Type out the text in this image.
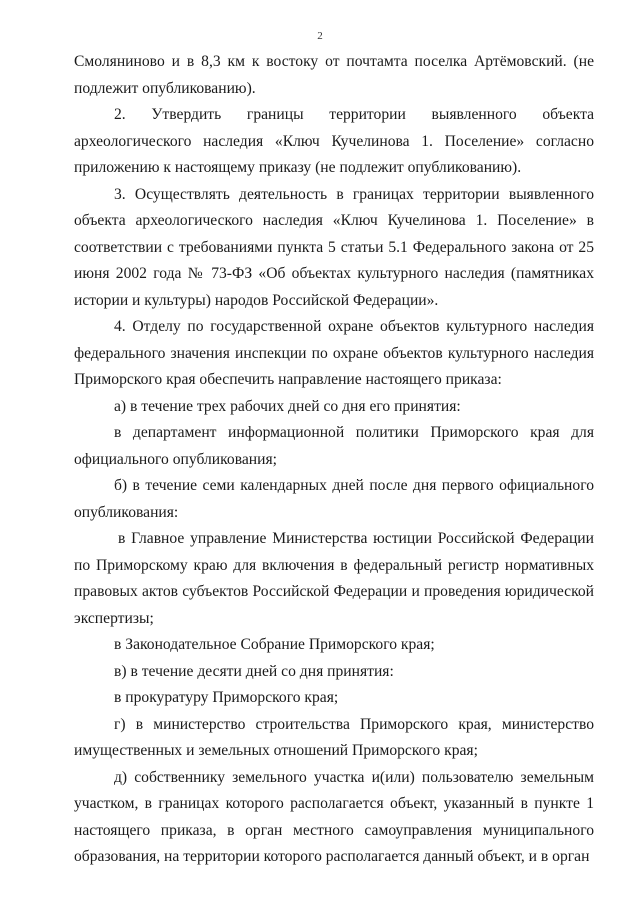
2

Смолянинoвo и в 8,3 км к востоку от почтамта поселка Артёмовский. (не подлежит опубликованию).

2. Утвердить границы территории выявленного объекта археологического наследия «Ключ Кучелинова 1. Поселение» согласно приложению к настоящему приказу (не подлежит опубликованию).

3. Осуществлять деятельность в границах территории выявленного объекта археологического наследия «Ключ Кучелинова 1. Поселение» в соответствии с требованиями пункта 5 статьи 5.1 Федерального закона от 25 июня 2002 года № 73-ФЗ «Об объектах культурного наследия (памятниках истории и культуры) народов Российской Федерации».

4. Отделу по государственной охране объектов культурного наследия федерального значения инспекции по охране объектов культурного наследия Приморского края обеспечить направление настоящего приказа:

а) в течение трех рабочих дней со дня его принятия:

в департамент информационной политики Приморского края для официального опубликования;

б) в течение семи календарных дней после дня первого официального опубликования:

в Главное управление Министерства юстиции Российской Федерации по Приморскому краю для включения в федеральный регистр нормативных правовых актов субъектов Российской Федерации и проведения юридической экспертизы;

в Законодательное Собрание Приморского края;

в) в течение десяти дней со дня принятия:

в прокуратуру Приморского края;

г) в министерство строительства Приморского края, министерство имущественных и земельных отношений Приморского края;

д) собственнику земельного участка и(или) пользователю земельным участком, в границах которого располагается объект, указанный в пункте 1 настоящего приказа, в орган местного самоуправления муниципального образования, на территории которого располагается данный объект, и в орган
